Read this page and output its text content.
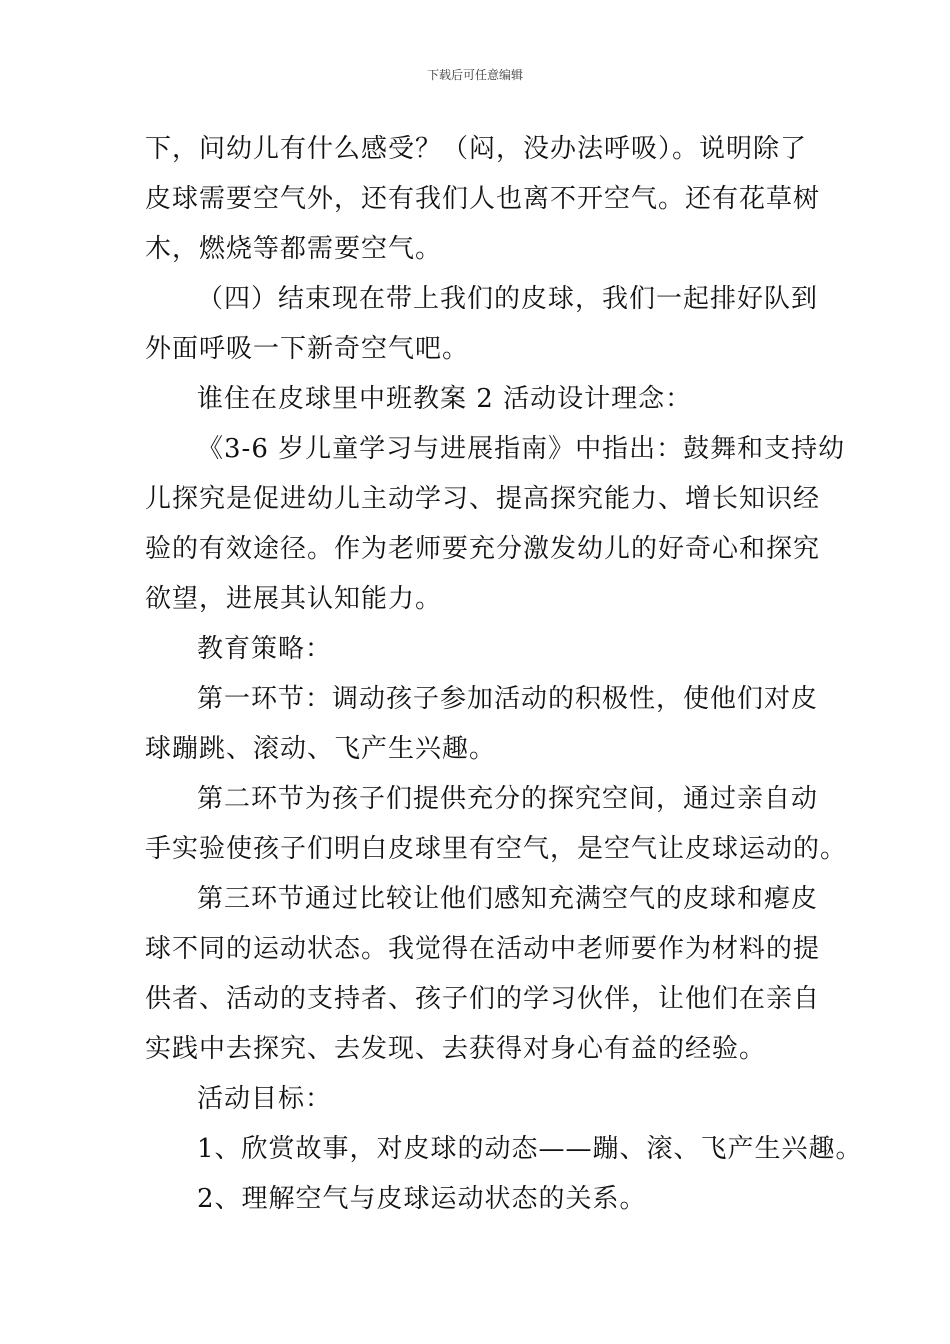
下载后可任意编辑
下，问幼儿有什么感受？（闷，没办法呼吸）。说明除了
皮球需要空气外，还有我们人也离不开空气。还有花草树
木，燃烧等都需要空气。
（四）结束现在带上我们的皮球，我们一起排好队到
外面呼吸一下新奇空气吧。
谁住在皮球里中班教案 2 活动设计理念：
《3-6 岁儿童学习与进展指南》中指出：鼓舞和支持幼
儿探究是促进幼儿主动学习、提高探究能力、增长知识经
验的有效途径。作为老师要充分激发幼儿的好奇心和探究
欲望，进展其认知能力。
教育策略：
第一环节：调动孩子参加活动的积极性，使他们对皮
球蹦跳、滚动、飞产生兴趣。
第二环节为孩子们提供充分的探究空间，通过亲自动
手实验使孩子们明白皮球里有空气，是空气让皮球运动的。
第三环节通过比较让他们感知充满空气的皮球和瘪皮
球不同的运动状态。我觉得在活动中老师要作为材料的提
供者、活动的支持者、孩子们的学习伙伴，让他们在亲自
实践中去探究、去发现、去获得对身心有益的经验。
活动目标：
1、欣赏故事，对皮球的动态——蹦、滚、飞产生兴趣。
2、理解空气与皮球运动状态的关系。
